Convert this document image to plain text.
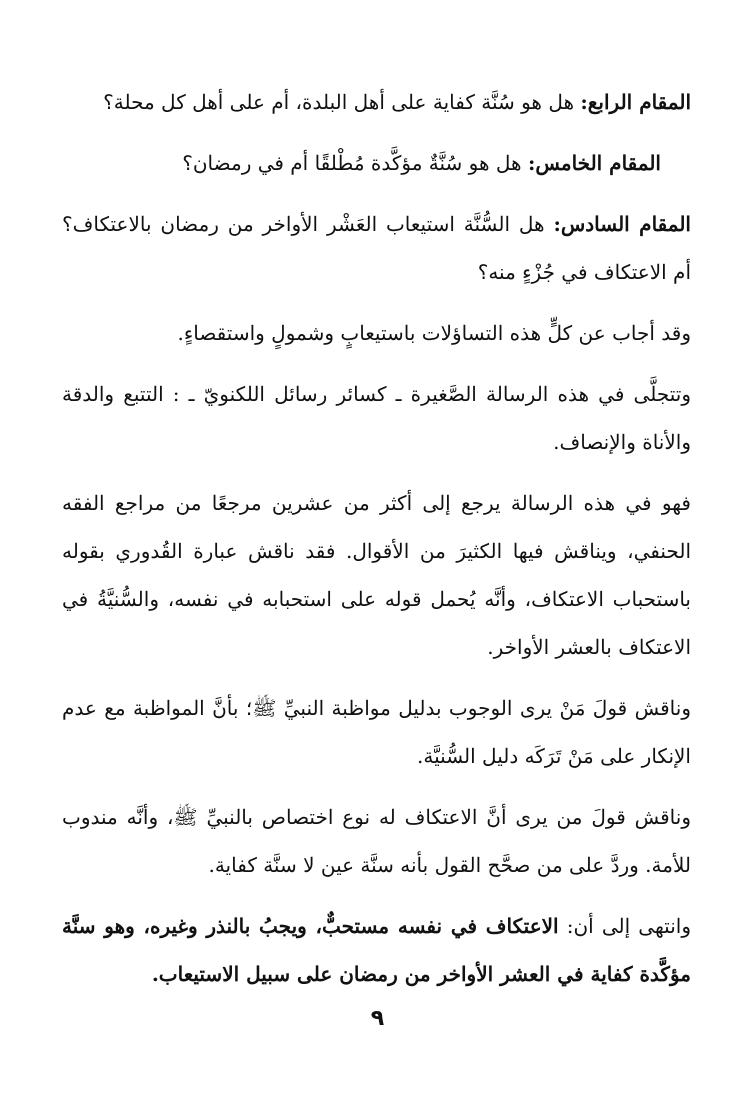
المقام الرابع: هل هو سُنَّة كفاية على أهل البلدة، أم على أهل كل محلة؟

المقام الخامس: هل هو سُنَّةٌ مؤكَّدة مُطْلقًا أم في رمضان؟

المقام السادس: هل السُّنَّة استيعاب العَشْر الأواخر من رمضان بالاعتكاف؟ أم الاعتكاف في جُزْءٍ منه؟

وقد أجاب عن كلٍّ هذه التساؤلات باستيعابٍ وشمولٍ واستقصاءٍ.

وتتجلَّى في هذه الرسالة الصَّغيرة ـ كسائر رسائل اللكنويّ ـ : التتبع والدقة والأناة والإنصاف.

فهو في هذه الرسالة يرجع إلى أكثر من عشرين مرجعًا من مراجع الفقه الحنفي، ويناقش فيها الكثيرَ من الأقوال. فقد ناقش عبارة القُدوري بقوله باستحباب الاعتكاف، وأنَّه يُحمل قوله على استحبابه في نفسه، والسُّنيَّةُ في الاعتكاف بالعشر الأواخر.

وناقش قولَ مَنْ يرى الوجوب بدليل مواظبة النبيِّ ﷺ؛ بأنَّ المواظبة مع عدم الإنكار على مَنْ تَرَكَه دليل السُّنيَّة.

وناقش قولَ من يرى أنَّ الاعتكاف له نوع اختصاص بالنبيِّ ﷺ، وأنَّه مندوب للأمة. وردَّ على من صحَّح القول بأنه سنَّة عين لا سنَّة كفاية.

وانتهى إلى أن: الاعتكاف في نفسه مستحبٌّ، ويجبُ بالنذر وغيره، وهو سنَّة مؤكَّدة كفاية في العشر الأواخر من رمضان على سبيل الاستيعاب.

٩
